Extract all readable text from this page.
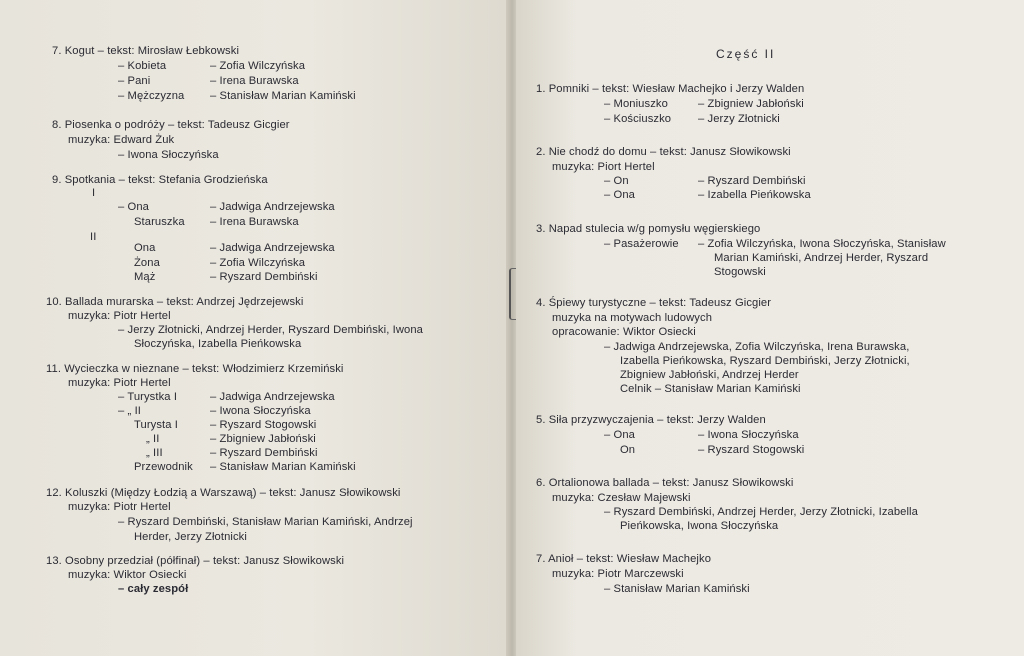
7. Kogut – tekst: Mirosław Łebkowski
– Kobieta
– Pani
– Mężczyzna
– Zofia Wilczyńska
– Irena Burawska
– Stanisław Marian Kamiński
8. Piosenka o podróży – tekst: Tadeusz Gicgier
muzyka: Edward Żuk
– Iwona Słoczyńska
9. Spotkania – tekst: Stefania Grodzieńska
I
– Ona
Staruszka
– Jadwiga Andrzejewska
– Irena Burawska
II
Ona
Żona
Mąż
– Jadwiga Andrzejewska
– Zofia Wilczyńska
– Ryszard Dembiński
10. Ballada murarska – tekst: Andrzej Jędrzejewski
muzyka: Piotr Hertel
– Jerzy Złotnicki, Andrzej Herder, Ryszard Dembiński, Iwona
Słoczyńska, Izabella Pieńkowska
11. Wycieczka w nieznane – tekst: Włodzimierz Krzemiński
muzyka: Piotr Hertel
– Turystka I
– „ II
Turysta I
„ II
„ III
Przewodnik
– Jadwiga Andrzejewska
– Iwona Słoczyńska
– Ryszard Stogowski
– Zbigniew Jabłoński
– Ryszard Dembiński
– Stanisław Marian Kamiński
12. Koluszki (Między Łodzią a Warszawą) – tekst: Janusz Słowikowski
muzyka: Piotr Hertel
– Ryszard Dembiński, Stanisław Marian Kamiński, Andrzej
Herder, Jerzy Złotnicki
13. Osobny przedział (półfinał) – tekst: Janusz Słowikowski
muzyka: Wiktor Osiecki
– cały zespół
Część II
1. Pomniki – tekst: Wiesław Machejko i Jerzy Walden
– Moniuszko
– Kościuszko
– Zbigniew Jabłoński
– Jerzy Złotnicki
2. Nie chodź do domu – tekst: Janusz Słowikowski
muzyka: Piort Hertel
– On
– Ona
– Ryszard Dembiński
– Izabella Pieńkowska
3. Napad stulecia w/g pomysłu węgierskiego
– Pasażerowie – Zofia Wilczyńska, Iwona Słoczyńska, Stanisław
Marian Kamiński, Andrzej Herder, Ryszard
Stogowski
4. Śpiewy turystyczne – tekst: Tadeusz Gicgier
muzyka na motywach ludowych
opracowanie: Wiktor Osiecki
– Jadwiga Andrzejewska, Zofia Wilczyńska, Irena Burawska,
Izabella Pieńkowska, Ryszard Dembiński, Jerzy Złotnicki,
Zbigniew Jabłoński, Andrzej Herder
Celnik – Stanisław Marian Kamiński
5. Siła przyzwyczajenia – tekst: Jerzy Walden
– Ona
On
– Iwona Słoczyńska
– Ryszard Stogowski
6. Ortalionowa ballada – tekst: Janusz Słowikowski
muzyka: Czesław Majewski
– Ryszard Dembiński, Andrzej Herder, Jerzy Złotnicki, Izabella
Pieńkowska, Iwona Słoczyńska
7. Anioł – tekst: Wiesław Machejko
muzyka: Piotr Marczewski
– Stanisław Marian Kamiński
